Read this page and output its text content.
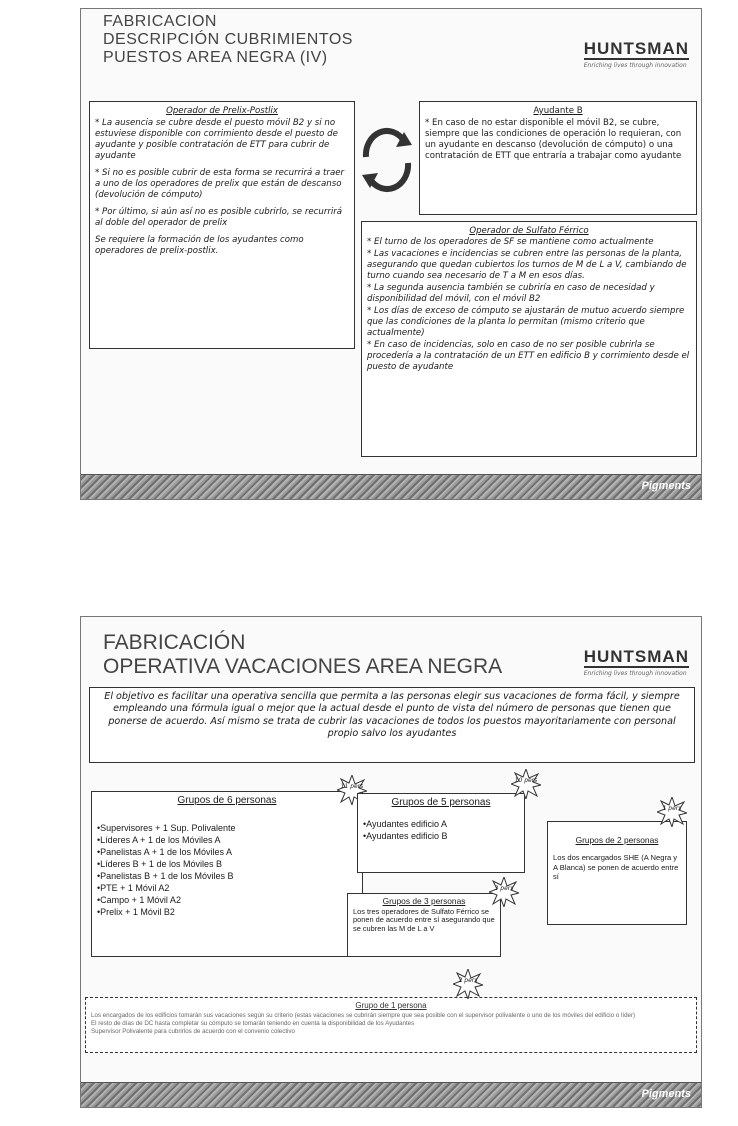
FABRICACION
DESCRIPCIÓN CUBRIMIENTOS
PUESTOS AREA NEGRA (IV)	HUNTSMAN
Enriching lives through innovation
Operador de Prelix-Postlix

* La ausencia se cubre desde el puesto móvil B2 y si no estuviese disponible con corrimiento desde el puesto de ayudante y posible contratación de ETT para cubrir de ayudante

* Si no es posible cubrir de esta forma se recurrirá a traer a uno de los operadores de prelix que están de descanso (devolución de cómputo)

* Por último, si aún así no es posible cubrirlo, se recurrirá al doble del operador de prelix

Se requiere la formación de los ayudantes como operadores de prelix-postlix.

Ayudante B

* En caso de no estar disponible el móvil B2, se cubre, siempre que las condiciones de operación lo requieran, con un ayudante en descanso (devolución de cómputo) o una contratación de ETT que entraría a trabajar como ayudante

Operador de Sulfato Férrico

* El turno de los operadores de SF se mantiene como actualmente

* Las vacaciones e incidencias se cubren entre las personas de la planta, asegurando que quedan cubiertos los turnos de M de L a V, cambiando de turno cuando sea necesario de T a M en esos días.

* La segunda ausencia también se cubriría en caso de necesidad y disponibilidad del móvil, con el móvil B2

* Los días de exceso de cómputo se ajustarán de mutuo acuerdo siempre que las condiciones de la planta lo permitan (mismo criterio que actualmente)

* En caso de incidencias, solo en caso de no ser posible cubrirla se procedería a la contratación de un ETT en edificio B y corrimiento desde el puesto de ayudante

Pigments
FABRICACIÓN
OPERATIVA VACACIONES AREA NEGRA	HUNTSMAN
Enriching lives through innovation
El objetivo es facilitar una operativa sencilla que permita a las personas elegir sus vacaciones de forma fácil, y siempre empleando una fórmula igual o mejor que la actual desde el punto de vista del número de personas que tienen que ponerse de acuerdo. Así mismo se trata de cubrir las vacaciones de todos los puestos mayoritariamente con personal propio salvo los ayudantes
Grupos de 6 personas
• Supervisores + 1 Sup. Polivalente
• Líderes A + 1 de los Móviles A
• Panelistas A + 1 de los Móviles A
• Líderes B + 1 de los Móviles B
• Panelistas B + 1 de los Móviles B
• PTE + 1 Móvil A2
• Campo + 1 Móvil A2
• Prelix + 1 Móvil B2
11 pers
Grupos de 5 personas
• Ayudantes edificio A
• Ayudantes edificio B
10 pers
Grupos de 3 personas
Los tres operadores de Sulfato Férrico se ponen de acuerdo entre sí asegurando que se cubren las M de L a V
3 pers
Grupos de 2 personas
Los dos encargados SHE (A Negra y A Blanca) se ponen de acuerdo entre sí
1 pers
Grupo de 1 persona
Los encargados de los edificios tomarán sus vacaciones según su criterio (estas vacaciones se cubrirán siempre que sea posible con el supervisor polivalente o uno de los móviles del edificio o líder)
El resto de días de DC hasta completar su cómputo se tomarán teniendo en cuenta la disponibilidad de los Ayudantes
Supervisor Polivalente para cubrirlos de acuerdo con el convenio colectivo
2 pers
Pigments
